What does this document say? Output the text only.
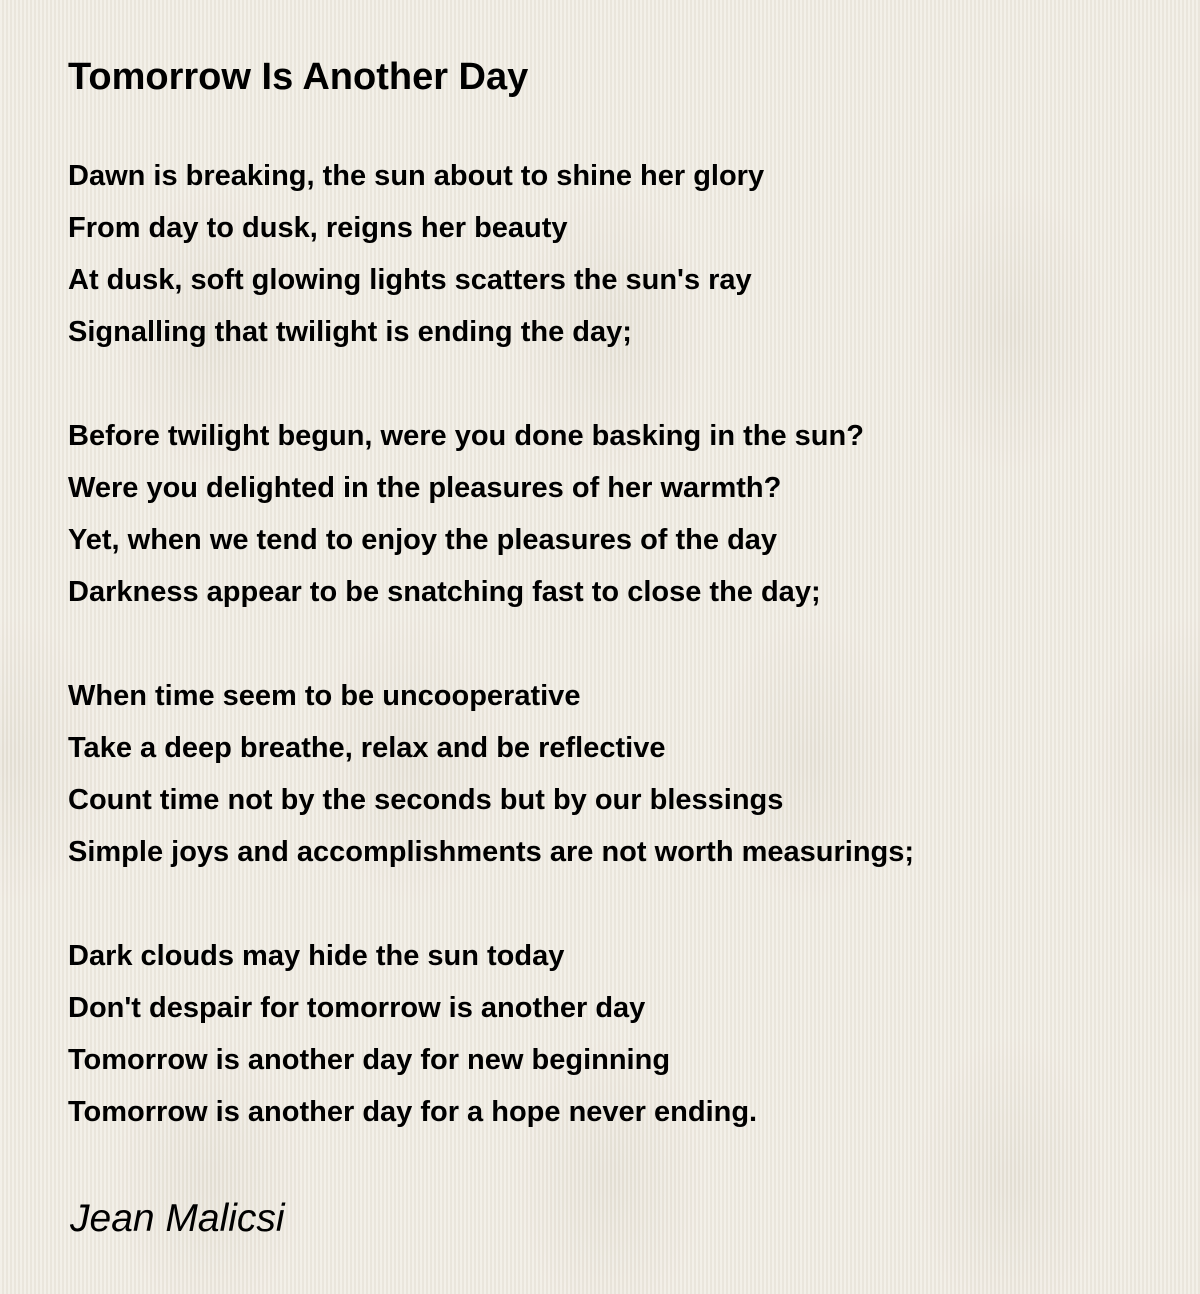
Tomorrow Is Another Day
Dawn is breaking, the sun about to shine her glory
From day to dusk, reigns her beauty
At dusk, soft glowing lights scatters the sun's ray
Signalling that twilight is ending the day;
Before twilight begun, were you done basking in the sun?
Were you delighted in the pleasures of her warmth?
Yet, when we tend to enjoy the pleasures of the day
Darkness appear to be snatching fast to close the day;
When time seem to be uncooperative
Take a deep breathe, relax and be reflective
Count time not by the seconds but by our blessings
Simple joys and accomplishments are not worth measurings;
Dark clouds may hide the sun today
Don't despair for tomorrow is another day
Tomorrow is another day for new beginning
Tomorrow is another day for a hope never ending.
Jean Malicsi
